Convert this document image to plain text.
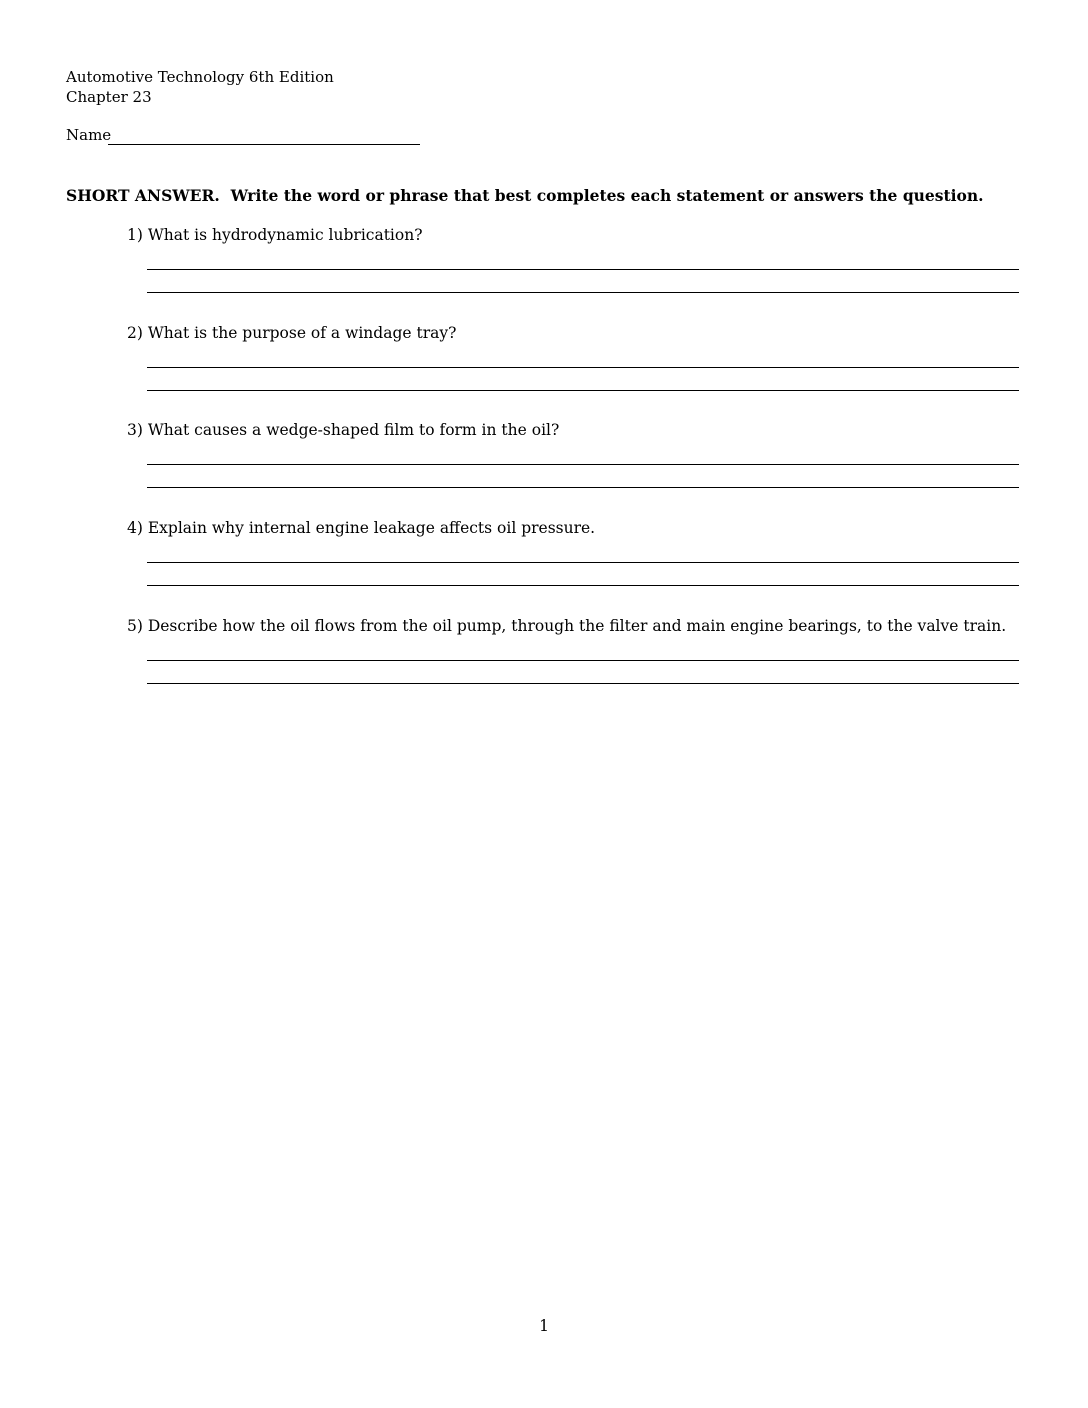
Automotive Technology 6th Edition
Chapter 23
Name
SHORT ANSWER. Write the word or phrase that best completes each statement or answers the question.
1) What is hydrodynamic lubrication?
2) What is the purpose of a windage tray?
3) What causes a wedge-shaped film to form in the oil?
4) Explain why internal engine leakage affects oil pressure.
5) Describe how the oil flows from the oil pump, through the filter and main engine bearings, to the valve train.
1
